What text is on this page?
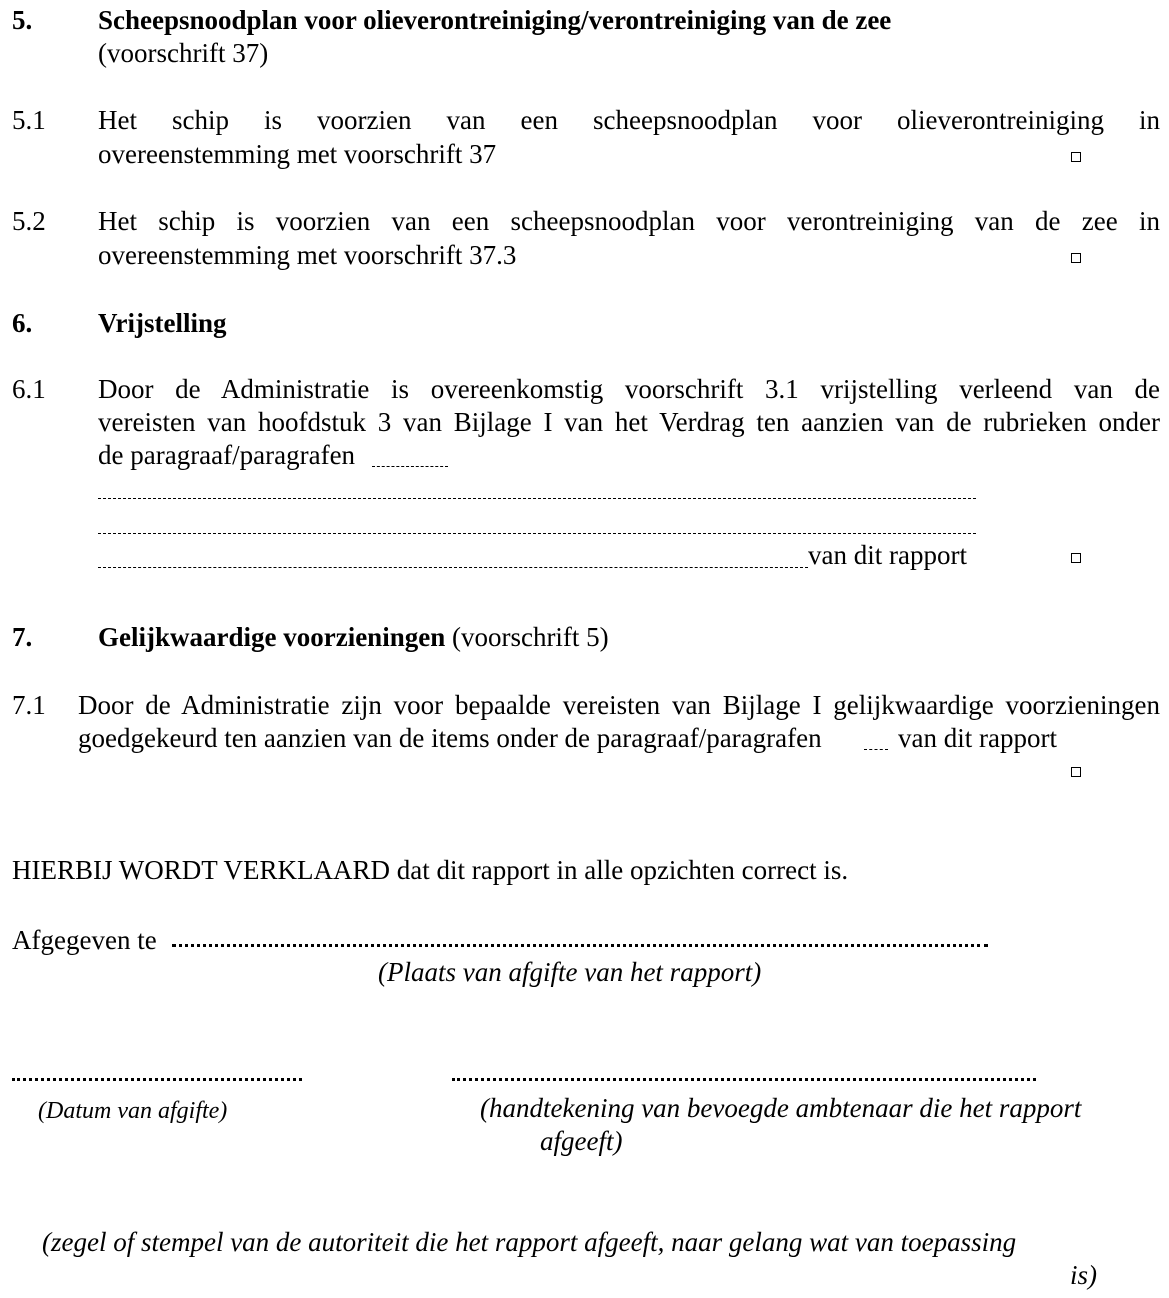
5. Scheepsnoodplan voor olieverontreiniging/verontreiniging van de zee
(voorschrift 37)
5.1 Het schip is voorzien van een scheepsnoodplan voor olieverontreiniging in
overeenstemming met voorschrift 37
5.2 Het schip is voorzien van een scheepsnoodplan voor verontreiniging van de zee in
overeenstemming met voorschrift 37.3
6. Vrijstelling
6.1 Door de Administratie is overeenkomstig voorschrift 3.1 vrijstelling verleend van de
vereisten van hoofdstuk 3 van Bijlage I van het Verdrag ten aanzien van de rubrieken onder
de paragraaf/paragrafen
van dit rapport
7. Gelijkwaardige voorzieningen (voorschrift 5)
7.1 Door de Administratie zijn voor bepaalde vereisten van Bijlage I gelijkwaardige voorzieningen
goedgekeurd ten aanzien van de items onder de paragraaf/paragrafen	van dit rapport
HIERBIJ WORDT VERKLAARD dat dit rapport in alle opzichten correct is.
Afgegeven te
(Plaats van afgifte van het rapport)
(Datum van afgifte)	(handtekening van bevoegde ambtenaar die het rapport
afgeeft)
(zegel of stempel van de autoriteit die het rapport afgeeft, naar gelang wat van toepassing
is)
